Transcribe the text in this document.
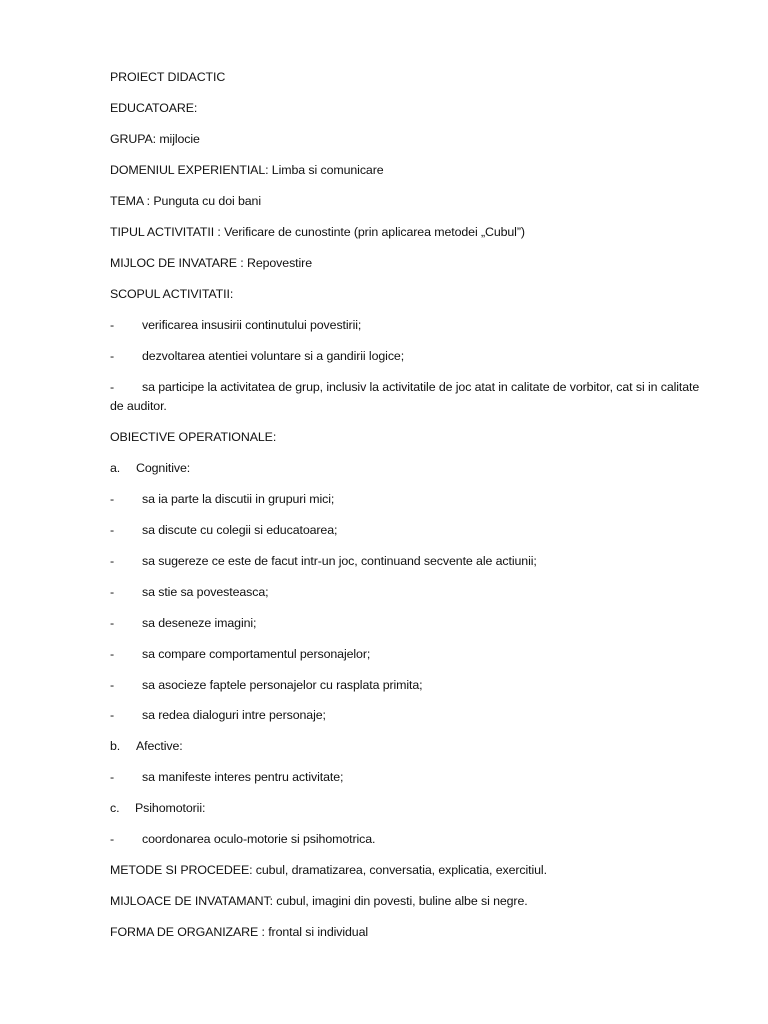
PROIECT DIDACTIC
EDUCATOARE:
GRUPA: mijlocie
DOMENIUL EXPERIENTIAL: Limba si comunicare
TEMA : Punguta cu doi bani
TIPUL ACTIVITATII : Verificare de cunostinte (prin aplicarea metodei „Cubul”)
MIJLOC DE INVATARE : Repovestire
SCOPUL ACTIVITATII:
- verificarea insusirii continutului povestirii;
- dezvoltarea atentiei voluntare si a gandirii logice;
- sa participe la activitatea de grup, inclusiv la activitatile de joc atat in calitate de vorbitor, cat si in calitate de auditor.
OBIECTIVE OPERATIONALE:
a. Cognitive:
- sa ia parte la discutii in grupuri mici;
- sa discute cu colegii si educatoarea;
- sa sugereze ce este de facut intr-un joc, continuand secvente ale actiunii;
- sa stie sa povesteasca;
- sa deseneze imagini;
- sa compare comportamentul personajelor;
- sa asocieze faptele personajelor cu rasplata primita;
- sa redea dialoguri intre personaje;
b. Afective:
- sa manifeste interes pentru activitate;
c. Psihomotorii:
- coordonarea oculo-motorie si psihomotrica.
METODE SI PROCEDEE: cubul, dramatizarea, conversatia, explicatia, exercitiul.
MIJLOACE DE INVATAMANT: cubul, imagini din povesti, buline albe si negre.
FORMA DE ORGANIZARE : frontal si individual
